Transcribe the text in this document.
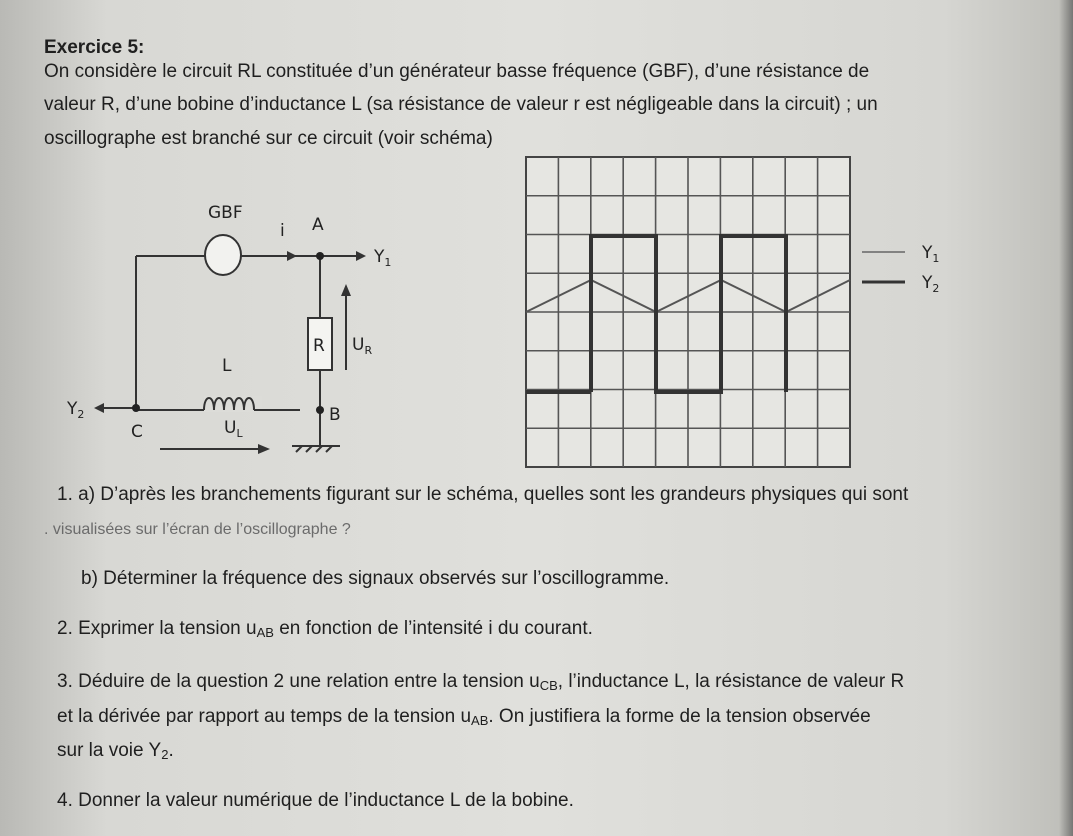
Exercice 5:
On considère le circuit RL constituée d’un générateur basse fréquence (GBF), d’une résistance de
valeur R, d’une bobine d’inductance L (sa résistance de valeur r est négligeable dans la circuit) ; un
oscillographe est branché sur ce circuit (voir schéma)
GBF
i A
$Y_1$
R $U_R$
L
B
C	$U_L$
$Y_2$
$Y_1$
$Y_2$
1. a) D’après les branchements figurant sur le schéma, quelles sont les grandeurs physiques qui sont
. visualisées sur l’écran de l’oscillographe ?
b) Déterminer la fréquence des signaux observés sur l’oscillogramme.
2. Exprimer la tension $u_{AB}$ en fonction de l’intensité i du courant.
3. Déduire de la question 2 une relation entre la tension $u_{CB}$, l’inductance L, la résistance de valeur R
et la dérivée par rapport au temps de la tension $u_{AB}$. On justifiera la forme de la tension observée
sur la voie $Y_2$.
4. Donner la valeur numérique de l’inductance L de la bobine.
